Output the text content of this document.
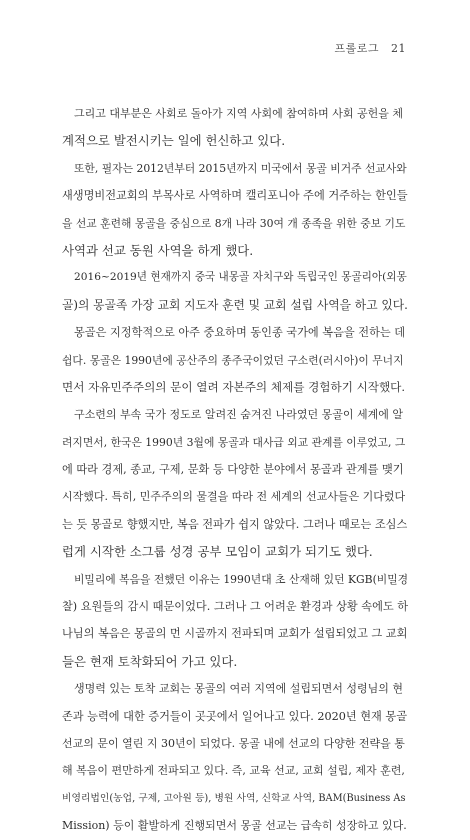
프롤로그 21
그리고 대부분은 사회로 돌아가 지역 사회에 참여하며 사회 공헌을 체
계적으로 발전시키는 일에 헌신하고 있다.
또한, 필자는 2012년부터 2015년까지 미국에서 몽골 비거주 선교사와
새생명비전교회의 부목사로 사역하며 캘리포니아 주에 거주하는 한인들
을 선교 훈련해 몽골을 중심으로 8개 나라 30여 개 종족을 위한 중보 기도
사역과 선교 동원 사역을 하게 했다.
2016~2019년 현재까지 중국 내몽골 자치구와 독립국인 몽골리아(외몽
골)의 몽골족 가장 교회 지도자 훈련 및 교회 설립 사역을 하고 있다.
몽골은 지정학적으로 아주 중요하며 동인종 국가에 복음을 전하는 데
쉽다. 몽골은 1990년에 공산주의 종주국이었던 구소련(러시아)이 무너지
면서 자유민주주의의 문이 열려 자본주의 체제를 경험하기 시작했다.
구소련의 부속 국가 정도로 알려진 숨겨진 나라였던 몽골이 세계에 알
려지면서, 한국은 1990년 3월에 몽골과 대사급 외교 관계를 이루었고, 그
에 따라 경제, 종교, 구제, 문화 등 다양한 분야에서 몽골과 관계를 맺기
시작했다. 특히, 민주주의의 물결을 따라 전 세계의 선교사들은 기다렸다
는 듯 몽골로 향했지만, 복음 전파가 쉽지 않았다. 그러나 때로는 조심스
럽게 시작한 소그룹 성경 공부 모임이 교회가 되기도 했다.
비밀리에 복음을 전했던 이유는 1990년대 초 산재해 있던 KGB(비밀경
찰) 요원들의 감시 때문이었다. 그러나 그 어려운 환경과 상황 속에도 하
나님의 복음은 몽골의 먼 시골까지 전파되며 교회가 설립되었고 그 교회
들은 현재 토착화되어 가고 있다.
생명력 있는 토착 교회는 몽골의 여러 지역에 설립되면서 성령님의 현
존과 능력에 대한 증거들이 곳곳에서 일어나고 있다. 2020년 현재 몽골
선교의 문이 열린 지 30년이 되었다. 몽골 내에 선교의 다양한 전략을 통
해 복음이 편만하게 전파되고 있다. 즉, 교육 선교, 교회 설립, 제자 훈련,
비영리법인(농업, 구제, 고아원 등), 병원 사역, 신학교 사역, BAM(Business As
Mission) 등이 활발하게 진행되면서 몽골 선교는 급속히 성장하고 있다.
